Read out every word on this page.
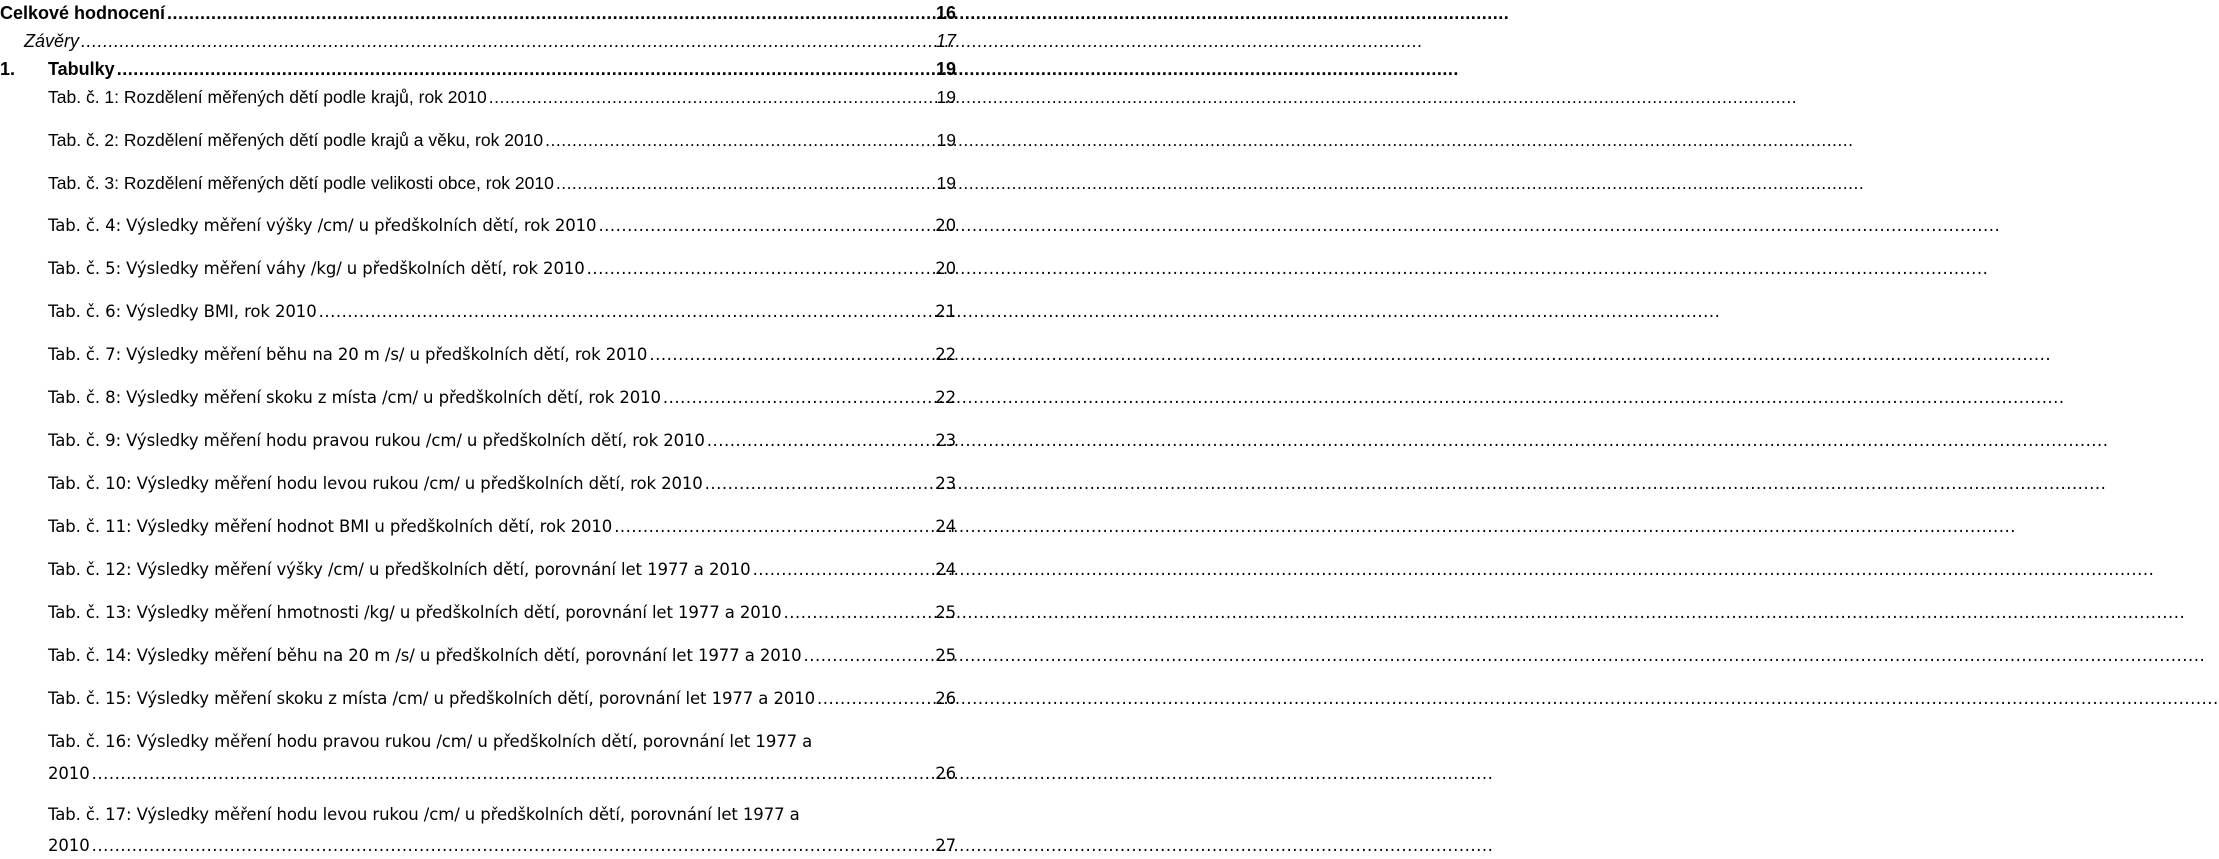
Celkové hodnocení .....	16
Závěry .....	17
1. Tabulky .....	19
Tab. č. 1: Rozdělení měřených dětí podle krajů, rok 2010 .....	19
Tab. č. 2: Rozdělení měřených dětí podle krajů a věku, rok 2010 .....	19
Tab. č. 3: Rozdělení měřených dětí podle velikosti obce, rok 2010 .....	19
Tab. č. 4: Výsledky měření výšky /cm/ u předškolních dětí, rok 2010 .....	20
Tab. č. 5: Výsledky měření váhy /kg/ u předškolních dětí, rok 2010 .....	20
Tab. č. 6: Výsledky BMI, rok 2010 .....	21
Tab. č. 7: Výsledky měření běhu na 20 m /s/ u předškolních dětí, rok 2010 .....	22
Tab. č. 8: Výsledky měření skoku z místa /cm/ u předškolních dětí, rok 2010 .....	22
Tab. č. 9: Výsledky měření hodu pravou rukou /cm/ u předškolních dětí, rok 2010 .....	23
Tab. č. 10: Výsledky měření hodu levou rukou /cm/ u předškolních dětí, rok 2010 .....	23
Tab. č. 11: Výsledky měření hodnot BMI u předškolních dětí, rok 2010 .....	24
Tab. č. 12: Výsledky měření výšky /cm/ u předškolních dětí, porovnání let 1977 a 2010 .....	24
Tab. č. 13: Výsledky měření hmotnosti /kg/ u předškolních dětí, porovnání let 1977 a 2010 .....	25
Tab. č. 14: Výsledky měření běhu na 20 m /s/ u předškolních dětí, porovnání let 1977 a 2010 .....	25
Tab. č. 15: Výsledky měření skoku z místa /cm/ u předškolních dětí, porovnání let 1977 a 2010 .....	26
Tab. č. 16: Výsledky měření hodu pravou rukou /cm/ u předškolních dětí, porovnání let 1977 a
2010 .....	26
Tab. č. 17: Výsledky měření hodu levou rukou /cm/ u předškolních dětí, porovnání let 1977 a
2010 .....	27
